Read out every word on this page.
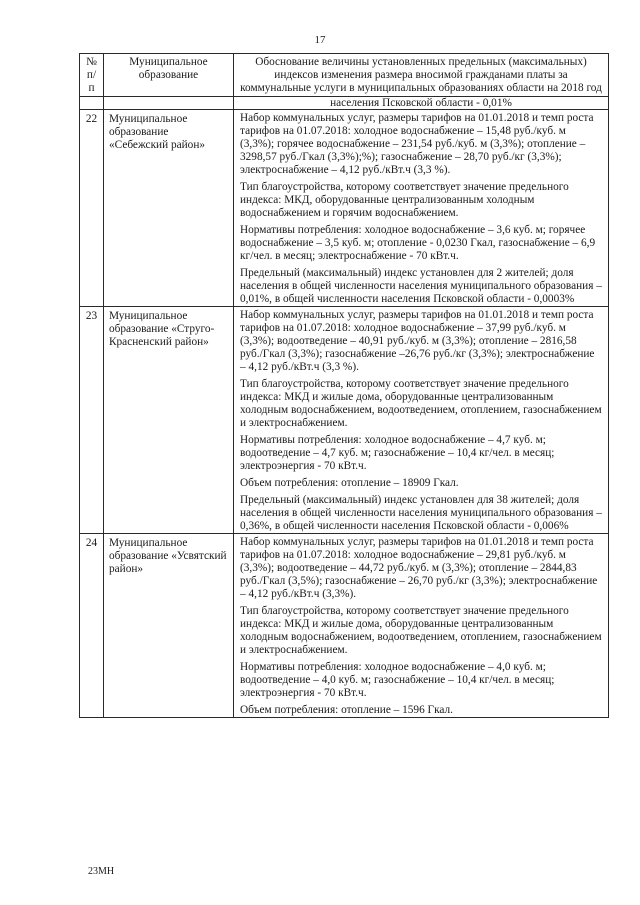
17
№ п/п	Муниципальное образование	Обоснование величины установленных предельных (максимальных) индексов изменения размера вносимой гражданами платы за коммунальные услуги в муниципальных образованиях области на 2018 год
		населения Псковской области - 0,01%
22	Муниципальное образование «Себежский район»	Набор коммунальных услуг, размеры тарифов на 01.01.2018 и темп роста тарифов на 01.07.2018: холодное водоснабжение – 15,48 руб./куб. м (3,3%); горячее водоснабжение – 231,54 руб./куб. м (3,3%); отопление – 3298,57 руб./Гкал (3,3%);%); газоснабжение – 28,70 руб./кг (3,3%); электроснабжение – 4,12 руб./кВт.ч (3,3 %).

Тип благоустройства, которому соответствует значение предельного индекса: МКД, оборудованные централизованным холодным водоснабжением и горячим водоснабжением.

Нормативы потребления: холодное водоснабжение – 3,6 куб. м; горячее водоснабжение – 3,5 куб. м; отопление - 0,0230 Гкал, газоснабжение – 6,9 кг/чел. в месяц; электроснабжение - 70 кВт.ч.

Предельный (максимальный) индекс установлен для 2 жителей; доля населения в общей численности населения муниципального образования – 0,01%, в общей численности населения Псковской области - 0,0003%

23	Муниципальное образование «Струго-Красненский район»	Набор коммунальных услуг, размеры тарифов на 01.01.2018 и темп роста тарифов на 01.07.2018: холодное водоснабжение – 37,99 руб./куб. м (3,3%); водоотведение – 40,91 руб./куб. м (3,3%); отопление – 2816,58 руб./Гкал (3,3%); газоснабжение –26,76 руб./кг (3,3%); электроснабжение – 4,12 руб./кВт.ч (3,3 %).

Тип благоустройства, которому соответствует значение предельного индекса: МКД и жилые дома, оборудованные централизованным холодным водоснабжением, водоотведением, отоплением, газоснабжением и электроснабжением.

Нормативы потребления: холодное водоснабжение – 4,7 куб. м; водоотведение – 4,7 куб. м; газоснабжение – 10,4 кг/чел. в месяц; электроэнергия - 70 кВт.ч.

Объем потребления: отопление – 18909 Гкал.

Предельный (максимальный) индекс установлен для 38 жителей; доля населения в общей численности населения муниципального образования – 0,36%, в общей численности населения Псковской области - 0,006%

24	Муниципальное образование «Усвятский район»	Набор коммунальных услуг, размеры тарифов на 01.01.2018 и темп роста тарифов на 01.07.2018: холодное водоснабжение – 29,81 руб./куб. м (3,3%); водоотведение – 44,72 руб./куб. м (3,3%); отопление – 2844,83 руб./Гкал (3,5%); газоснабжение – 26,70 руб./кг (3,3%); электроснабжение – 4,12 руб./кВт.ч (3,3%).

Тип благоустройства, которому соответствует значение предельного индекса: МКД и жилые дома, оборудованные централизованным холодным водоснабжением, водоотведением, отоплением, газоснабжением и электроснабжением.

Нормативы потребления: холодное водоснабжение – 4,0 куб. м; водоотведение – 4,0 куб. м; газоснабжение – 10,4 кг/чел. в месяц; электроэнергия - 70 кВт.ч.

Объем потребления: отопление – 1596 Гкал.

23МН
